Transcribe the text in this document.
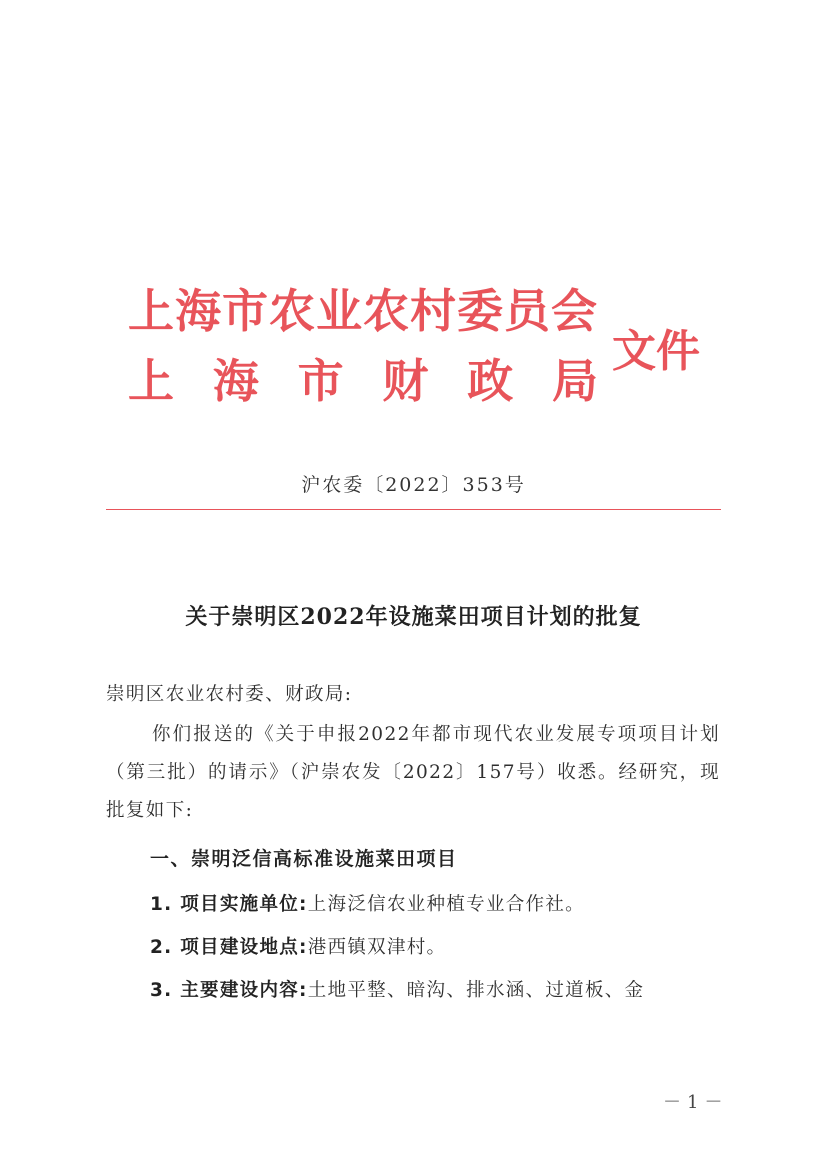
上海市农业农村委员会
上 海 市 财 政 局
文件
沪农委〔2022〕353号
关于崇明区2022年设施菜田项目计划的批复
崇明区农业农村委、财政局:
你们报送的《关于申报2022年都市现代农业发展专项项目计划（第三批）的请示》（沪崇农发〔2022〕157号）收悉。经研究，现批复如下:
一、崇明泛信高标准设施菜田项目
1. 项目实施单位:上海泛信农业种植专业合作社。
2. 项目建设地点:港西镇双津村。
3. 主要建设内容:土地平整、暗沟、排水涵、过道板、金
－1－
